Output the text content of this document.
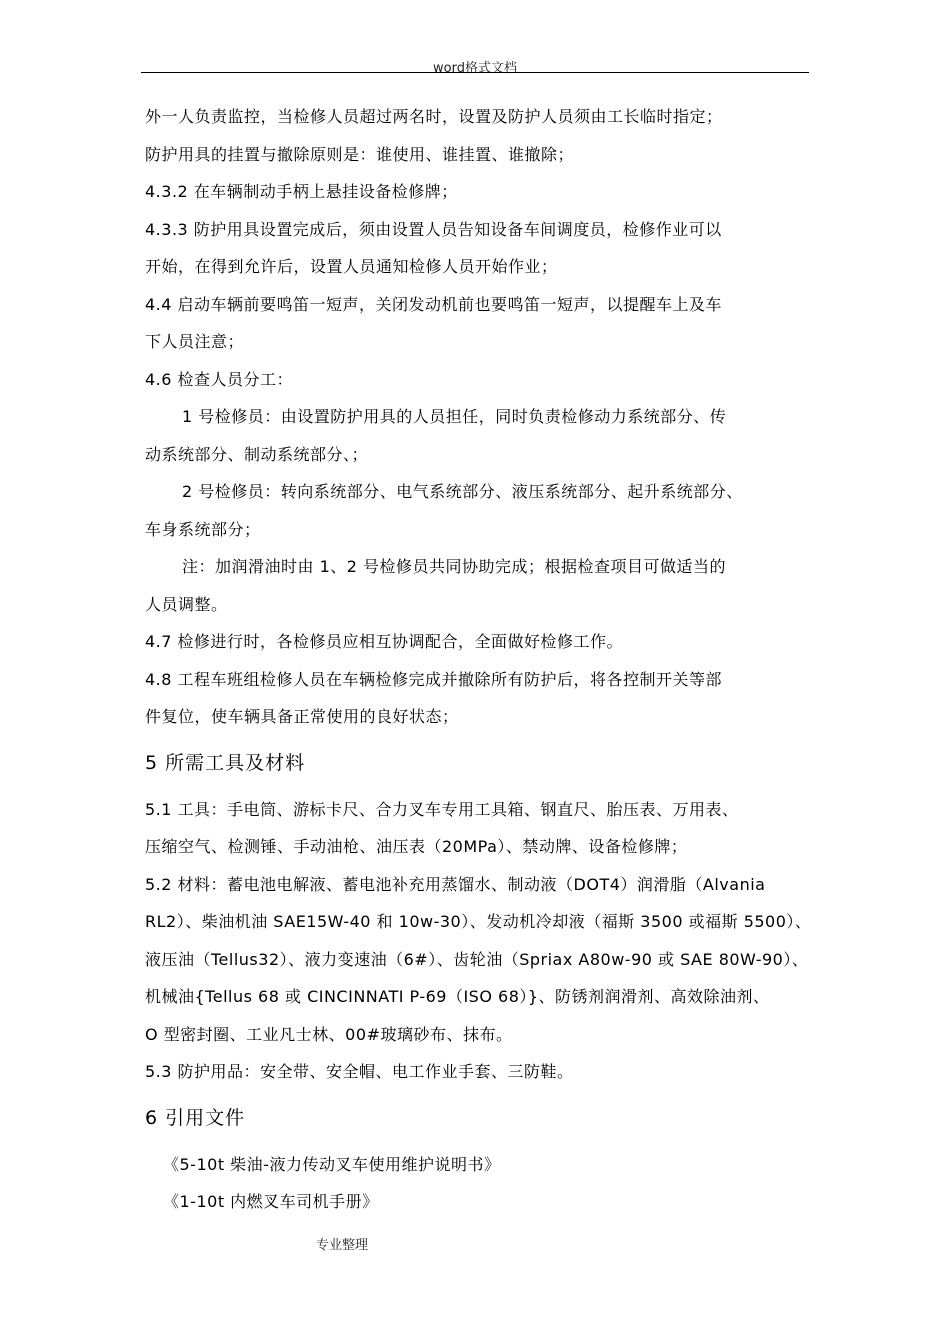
word格式文档
外一人负责监控，当检修人员超过两名时，设置及防护人员须由工长临时指定；
防护用具的挂置与撤除原则是：谁使用、谁挂置、谁撤除；
4.3.2 在车辆制动手柄上悬挂设备检修牌；
4.3.3 防护用具设置完成后，须由设置人员告知设备车间调度员，检修作业可以
开始，在得到允许后，设置人员通知检修人员开始作业；
4.4 启动车辆前要鸣笛一短声，关闭发动机前也要鸣笛一短声，以提醒车上及车
下人员注意；
4.6 检查人员分工：
1 号检修员：由设置防护用具的人员担任，同时负责检修动力系统部分、传
动系统部分、制动系统部分、；
2 号检修员：转向系统部分、电气系统部分、液压系统部分、起升系统部分、
车身系统部分；
注：加润滑油时由 1、2 号检修员共同协助完成；根据检查项目可做适当的
人员调整。
4.7 检修进行时，各检修员应相互协调配合，全面做好检修工作。
4.8 工程车班组检修人员在车辆检修完成并撤除所有防护后，将各控制开关等部
件复位，使车辆具备正常使用的良好状态；
5 所需工具及材料
5.1 工具：手电筒、游标卡尺、合力叉车专用工具箱、钢直尺、胎压表、万用表、
压缩空气、检测锤、手动油枪、油压表（20MPa）、禁动牌、设备检修牌；
5.2 材料：蓄电池电解液、蓄电池补充用蒸馏水、制动液（DOT4）润滑脂（Alvania
RL2）、柴油机油 SAE15W-40 和 10w-30）、发动机冷却液（福斯 3500 或福斯 5500）、
液压油（Tellus32）、液力变速油（6#）、齿轮油（Spriax A80w-90 或 SAE 80W-90）、
机械油{Tellus 68 或 CINCINNATI P-69（ISO 68）}、防锈剂润滑剂、高效除油剂、
O 型密封圈、工业凡士林、00#玻璃砂布、抹布。
5.3 防护用品：安全带、安全帽、电工作业手套、三防鞋。
6 引用文件
《5-10t 柴油-液力传动叉车使用维护说明书》
《1-10t 内燃叉车司机手册》
专业整理
